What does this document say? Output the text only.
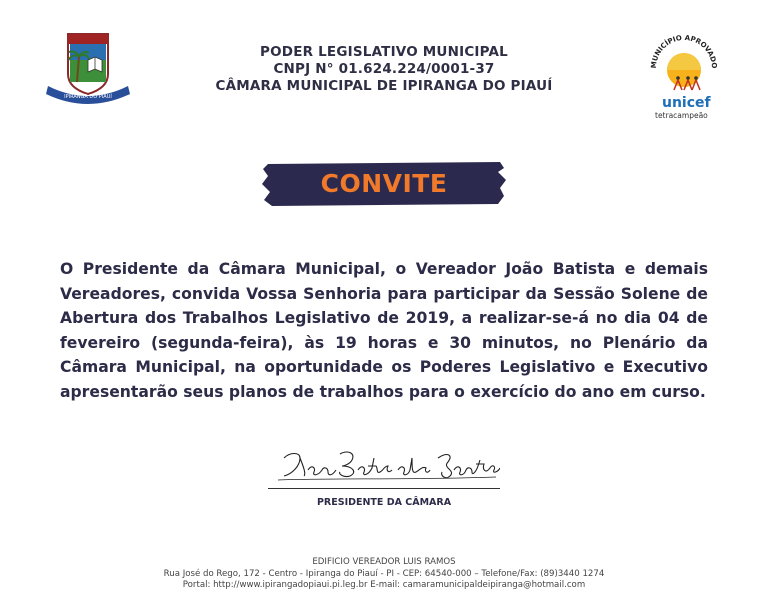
IPIRANGA DO PIAUÍ
PODER LEGISLATIVO MUNICIPAL
CNPJ N° 01.624.224/0001-37
CÂMARA MUNICIPAL DE IPIRANGA DO PIAUÍ
MUNICÍPIO APROVADO
unicef
tetracampeão
CONVITE
O Presidente da Câmara Municipal, o Vereador João Batista e demais Vereadores, convida Vossa Senhoria para participar da Sessão Solene de Abertura dos Trabalhos Legislativo de 2019, a realizar-se-á no dia 04 de fevereiro (segunda-feira), às 19 horas e 30 minutos, no Plenário da Câmara Municipal, na oportunidade os Poderes Legislativo e Executivo apresentarão seus planos de trabalhos para o exercício do ano em curso.
PRESIDENTE DA CÂMARA
EDIFICIO VEREADOR LUIS RAMOS
Rua José do Rego, 172 - Centro - Ipiranga do Piauí - PI - CEP: 64540-000 – Telefone/Fax: (89)3440 1274
Portal: http://www.ipirangadopiaui.pi.leg.br E-mail: camaramunicipaldeipiranga@hotmail.com
